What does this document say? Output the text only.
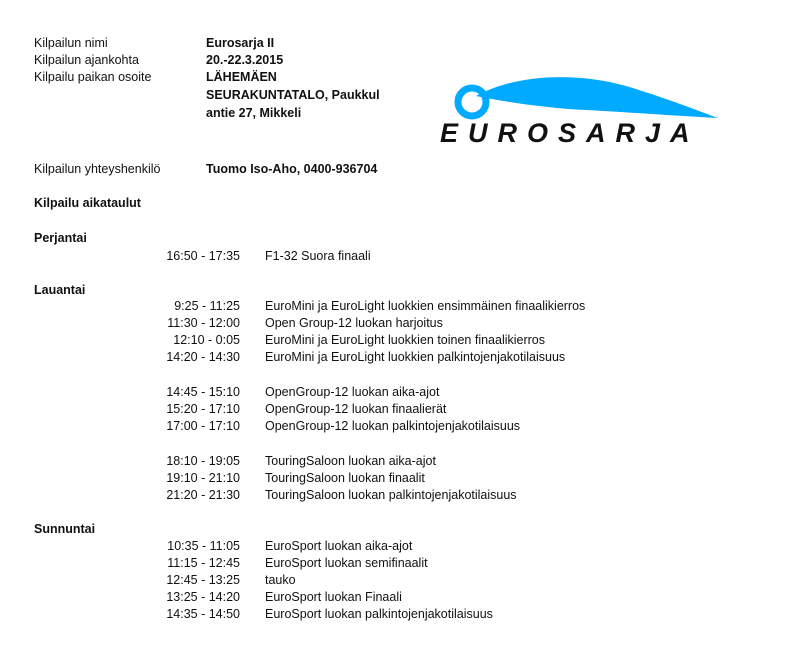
Kilpailun nimi	Eurosarja II
Kilpailun ajankohta	20.-22.3.2015
Kilpailu paikan osoite	LÄHEMÄEN
SEURAKUNTATALO, Paukkul
antie 27, Mikkeli
Kilpailun yhteyshenkilö	Tuomo Iso-Aho, 0400-936704
EUROSARJA
Kilpailu aikataulut
Perjantai
16:50 - 17:35 F1-32 Suora finaali
Lauantai
9:25 - 11:25 EuroMini ja EuroLight luokkien ensimmäinen finaalikierros
11:30 - 12:00 Open Group-12 luokan harjoitus
12:10 - 0:05 EuroMini ja EuroLight luokkien toinen finaalikierros
14:20 - 14:30 EuroMini ja EuroLight luokkien palkintojenjakotilaisuus
14:45 - 15:10 OpenGroup-12 luokan aika-ajot
15:20 - 17:10 OpenGroup-12 luokan finaalierät
17:00 - 17:10 OpenGroup-12 luokan palkintojenjakotilaisuus
18:10 - 19:05 TouringSaloon luokan aika-ajot
19:10 - 21:10 TouringSaloon luokan finaalit
21:20 - 21:30 TouringSaloon luokan palkintojenjakotilaisuus
Sunnuntai
10:35 - 11:05 EuroSport luokan aika-ajot
11:15 - 12:45 EuroSport luokan semifinaalit
12:45 - 13:25 tauko
13:25 - 14:20 EuroSport luokan Finaali
14:35 - 14:50 EuroSport luokan palkintojenjakotilaisuus
